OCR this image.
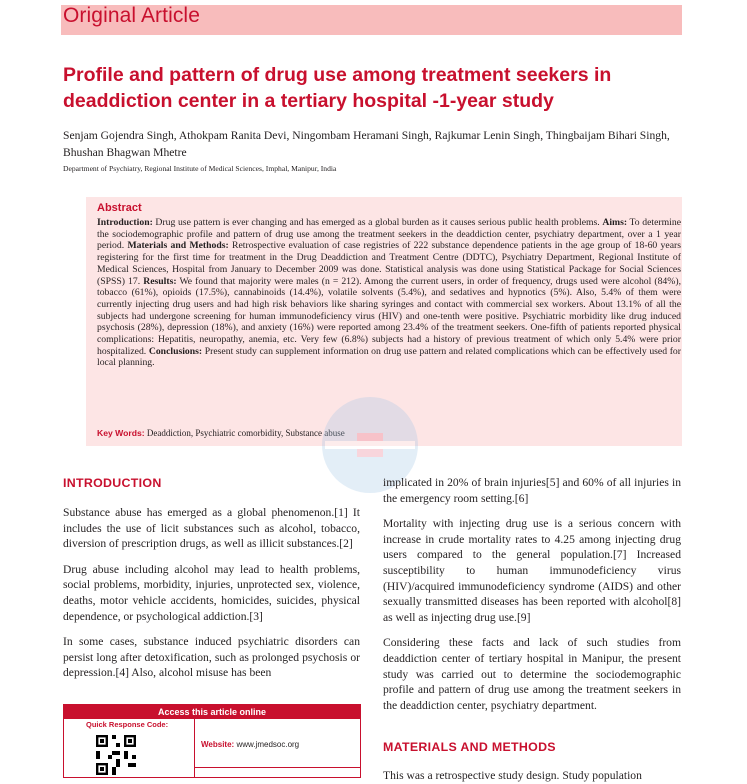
Original Article
Profile and pattern of drug use among treatment seekers in deaddiction center in a tertiary hospital -1-year study
Senjam Gojendra Singh, Athokpam Ranita Devi, Ningombam Heramani Singh, Rajkumar Lenin Singh, Thingbaijam Bihari Singh, Bhushan Bhagwan Mhetre
Department of Psychiatry, Regional Institute of Medical Sciences, Imphal, Manipur, India
Abstract
Introduction: Drug use pattern is ever changing and has emerged as a global burden as it causes serious public health problems. Aims: To determine the sociodemographic profile and pattern of drug use among the treatment seekers in the deaddiction center, psychiatry department, over a 1 year period. Materials and Methods: Retrospective evaluation of case registries of 222 substance dependence patients in the age group of 18-60 years registering for the first time for treatment in the Drug Deaddiction and Treatment Centre (DDTC), Psychiatry Department, Regional Institute of Medical Sciences, Hospital from January to December 2009 was done. Statistical analysis was done using Statistical Package for Social Sciences (SPSS) 17. Results: We found that majority were males (n = 212). Among the current users, in order of frequency, drugs used were alcohol (84%), tobacco (61%), opioids (17.5%), cannabinoids (14.4%), volatile solvents (5.4%), and sedatives and hypnotics (5%). Also, 5.4% of them were currently injecting drug users and had high risk behaviors like sharing syringes and contact with commercial sex workers. About 13.1% of all the subjects had undergone screening for human immunodeficiency virus (HIV) and one-tenth were positive. Psychiatric morbidity like drug induced psychosis (28%), depression (18%), and anxiety (16%) were reported among 23.4% of the treatment seekers. One-fifth of patients reported physical complications: Hepatitis, neuropathy, anemia, etc. Very few (6.8%) subjects had a history of previous treatment of which only 5.4% were prior hospitalized. Conclusions: Present study can supplement information on drug use pattern and related complications which can be effectively used for local planning.
Key Words: Deaddiction, Psychiatric comorbidity, Substance abuse
INTRODUCTION

Substance abuse has emerged as a global phenomenon.[1] It includes the use of licit substances such as alcohol, tobacco, diversion of prescription drugs, as well as illicit substances.[2]

Drug abuse including alcohol may lead to health problems, social problems, morbidity, injuries, unprotected sex, violence, deaths, motor vehicle accidents, homicides, suicides, physical dependence, or psychological addiction.[3]

In some cases, substance induced psychiatric disorders can persist long after detoxification, such as prolonged psychosis or depression.[4] Also, alcohol misuse has been

implicated in 20% of brain injuries[5] and 60% of all injuries in the emergency room setting.[6]

Mortality with injecting drug use is a serious concern with increase in crude mortality rates to 4.25 among injecting drug users compared to the general population.[7] Increased susceptibility to human immunodeficiency virus (HIV)/acquired immunodeficiency syndrome (AIDS) and other sexually transmitted diseases has been reported with alcohol[8] as well as injecting drug use.[9]

Considering these facts and lack of such studies from deaddiction center of tertiary hospital in Manipur, the present study was carried out to determine the sociodemographic profile and pattern of drug use among the treatment seekers in the deaddiction center, psychiatry department.

MATERIALS AND METHODS
This was a retrospective study design. Study population
Access this article online
Quick Response Code:
Website: www.jmedsoc.org
